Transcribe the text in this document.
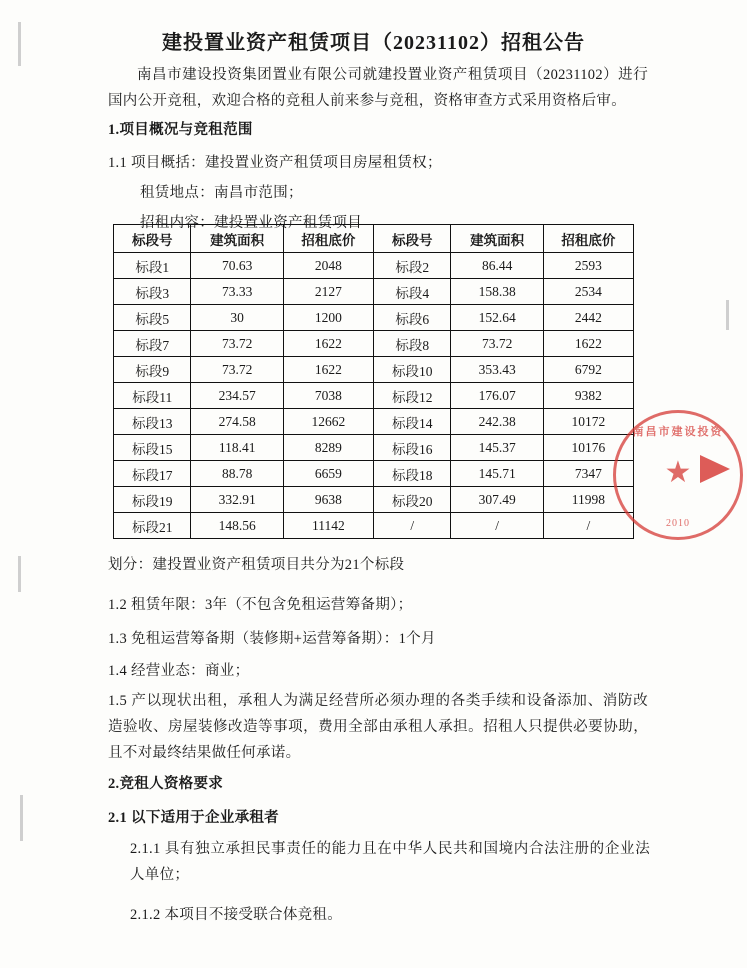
建投置业资产租赁项目（20231102）招租公告
南昌市建设投资集团置业有限公司就建投置业资产租赁项目（20231102）进行国内公开竞租，欢迎合格的竞租人前来参与竞租，资格审查方式采用资格后审。
1.项目概况与竞租范围
1.1 项目概括：建投置业资产租赁项目房屋租赁权；
租赁地点：南昌市范围；
招租内容：建投置业资产租赁项目
标段号	建筑面积	招租底价	标段号	建筑面积	招租底价
标段1	70.63	2048	标段2	86.44	2593
标段3	73.33	2127	标段4	158.38	2534
标段5	30	1200	标段6	152.64	2442
标段7	73.72	1622	标段8	73.72	1622
标段9	73.72	1622	标段10	353.43	6792
标段11	234.57	7038	标段12	176.07	9382
标段13	274.58	12662	标段14	242.38	10172
标段15	118.41	8289	标段16	145.37	10176
标段17	88.78	6659	标段18	145.71	7347
标段19	332.91	9638	标段20	307.49	11998
标段21	148.56	11142	/	/	/
划分：建投置业资产租赁项目共分为21个标段
1.2 租赁年限：3年（不包含免租运营筹备期）；
1.3 免租运营筹备期（装修期+运营筹备期）：1个月
1.4 经营业态：商业；
1.5 产以现状出租，承租人为满足经营所必须办理的各类手续和设备添加、消防改造验收、房屋装修改造等事项，费用全部由承租人承担。招租人只提供必要协助，且不对最终结果做任何承诺。
2.竞租人资格要求
2.1 以下适用于企业承租者
2.1.1 具有独立承担民事责任的能力且在中华人民共和国境内合法注册的企业法人单位；
2.1.2 本项目不接受联合体竞租。
南昌市建设投资
★
2010
